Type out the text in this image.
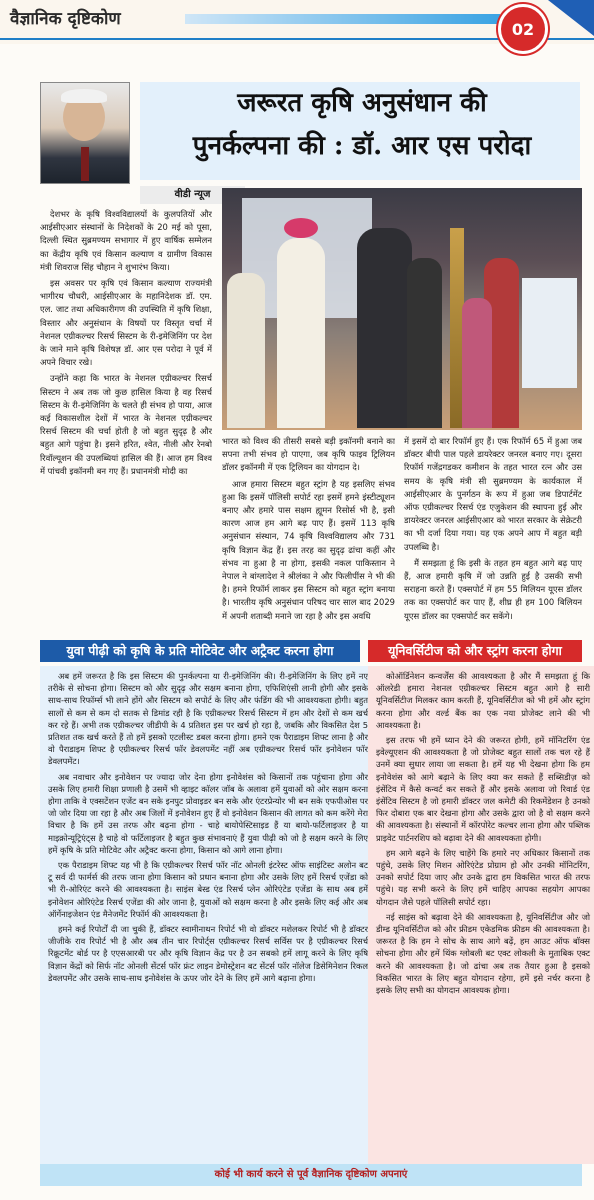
वैज्ञानिक दृष्टिकोण	02
जरूरत कृषि अनुसंधान की
पुनर्कल्पना की : डॉ. आर एस परोदा
वीडी न्यूज

देशभर के कृषि विश्वविद्यालयों के कुलपतियों और आईसीएआर संस्थानों के निदेशकों के 20 मई को पूसा, दिल्ली स्थित सुब्रमण्यम सभागार में हुए वार्षिक सम्मेलन का केंद्रीय कृषि एवं किसान कल्याण व ग्रामीण विकास मंत्री शिवराज सिंह चौहान ने शुभारंभ किया।

इस अवसर पर कृषि एवं किसान कल्याण राज्यमंत्री भागीरथ चौधरी, आईसीएआर के महानिदेशक डॉ. एम. एल. जाट तथा अधिकारीगण की उपस्थिति में कृषि शिक्षा, विस्तार और अनुसंधान के विषयों पर विस्तृत चर्चा में नेशनल एग्रीकल्चर रिसर्च सिस्टम के री-इमेजिनिंग पर देश के जाने माने कृषि विशेषज्ञ डॉ. आर एस परोदा ने पूर्व में अपने विचार रखे।

उन्होंने कहा कि भारत के नेशनल एग्रीकल्चर रिसर्च सिस्टम ने अब तक जो कुछ हासिल किया है वह रिसर्च सिस्टम के री-इमेजिनिंग के चलते ही संभव हो पाया, आज कई विकासशील देशों में भारत के नेशनल एग्रीकल्चर रिसर्च सिस्टम की चर्चा होती है जो बहुत सुदृढ़ है और बहुत आगे पहुंचा है। इसने हरित, श्वेत, नीली और रेनबो रिवॉल्यूशन की उपलब्धियां हासिल की हैं। आज हम विश्व में पांचवी इकॉनमी बन गए हैं। प्रधानमंत्री मोदी का

भारत को विश्व की तीसरी सबसे बड़ी इकॉनमी बनाने का सपना तभी संभव हो पाएगा, जब कृषि फाइव ट्रिलियन डॉलर इकॉनमी में एक ट्रिलियन का योगदान दे।

आज हमारा सिस्टम बहुत स्ट्रांग है यह इसलिए संभव हुआ कि इसमें पॉलिसी सपोर्ट रहा इसमें हमने इंस्टीट्यूशन बनाए और हमारे पास सक्षम ह्यूमन रिसोर्स भी है, इसी कारण आज हम आगे बढ़ पाए हैं। इसमें 113 कृषि अनुसंधान संस्थान, 74 कृषि विश्वविद्यालय और 731 कृषि विज्ञान केंद्र हैं। इस तरह का सुदृढ़ ढांचा कहीं और संभव ना हुआ है ना होगा, इसकी नकल पाकिस्तान ने नेपाल ने बांग्लादेश ने श्रीलंका ने और फिलीपींस ने भी की है। हमने रिफॉर्म लाकर इस सिस्टम को बहुत स्ट्रांग बनाया है। भारतीय कृषि अनुसंधान परिषद चार साल बाद 2029 में अपनी शताब्दी मनाने जा रहा है और इस अवधि

में इसमें दो बार रिफॉर्म हुए हैं। एक रिफॉर्म 65 में हुआ जब डॉक्टर बीपी पाल पहले डायरेक्टर जनरल बनाए गए। दूसरा रिफॉर्म गजेंद्रगडकर कमीशन के तहत भारत रत्न और उस समय के कृषि मंत्री सी सुब्रमण्यम के कार्यकाल में आईसीएआर के पुनर्गठन के रूप में हुआ जब डिपार्टमेंट ऑफ एग्रीकल्चर रिसर्च एंड एजुकेशन की स्थापना हुई और डायरेक्टर जनरल आईसीएआर को भारत सरकार के सेक्रेटरी का भी दर्जा दिया गया। यह एक अपने आप में बहुत बड़ी उपलब्धि है।

मैं समझता हूं कि इसी के तहत हम बहुत आगे बढ़ पाए हैं, आज हमारी कृषि में जो उन्नति हुई है उसकी सभी सराहना करते हैं। एक्सपोर्ट में हम 55 मिलियन यूएस डॉलर तक का एक्सपोर्ट कर पाए हैं, शीघ्र ही हम 100 बिलियन यूएस डॉलर का एक्सपोर्ट कर सकेंगे।

युवा पीढ़ी को कृषि के प्रति मोटिवेट और अट्रैक्ट करना होगा

अब हमें जरूरत है कि इस सिस्टम की पुनर्कल्पना या री-इमेजिनिंग की। री-इमेजिनिंग के लिए हमें नए तरीके से सोचना होगा। सिस्टम को और सुदृढ़ और सक्षम बनाना होगा, एफिशिएंसी लानी होगी और इसके साथ-साथ रिफॉर्म्स भी लाने होंगे और सिस्टम को सपोर्ट के लिए और फंडिंग की भी आवश्यकता होगी। बहुत सालों से कम से कम दो सतक से डिमांड रही है कि एग्रीकल्चर रिसर्च सिस्टम में हम और देशों से कम खर्च कर रहे हैं। अभी तक एग्रीकल्चर जीडीपी के 4 प्रतिशत इस पर खर्च हो रहा है, जबकि और विकसित देश 5 प्रतिशत तक खर्च करते हैं तो हमें इसको एटलीस्ट डबल करना होगा। हमने एक पैराडाइम शिफ्ट लाना है और वो पैराडाइम शिफ्ट है एग्रीकल्चर रिसर्च फॉर डेवलपमेंट नहीं अब एग्रीकल्चर रिसर्च फॉर इनोवेशन फॉर डेवलपमेंट।

अब नवाचार और इनोवेशन पर ज्यादा जोर देना होगा इनोवेशंस को किसानों तक पहुंचाना होगा और उसके लिए हमारी शिक्षा प्रणाली है उसमें भी व्हाइट कॉलर जॉब के अलावा हमें युवाओं को ओर सक्षम करना होगा ताकि वे एक्सटेंशन एजेंट बन सके इनपुट प्रोवाइडर बन सके और एंटरप्रेन्योर भी बन सके एफपीओस पर जो जोर दिया जा रहा है और अब जिलों में इनोवेशन हुए हैं वो इनोवेशन किसान की लागत को कम करेंगे मेरा विचार है कि हमें उस तरफ और बढ़ना होगा - चाहे बायोपेस्टिसाइड हैं या बायो-फर्टिलाइजर है या माइक्रोन्यूट्रिएंट्स है चाहे वो फर्टिलाइजर है बहुत कुछ संभावनाएं हैं युवा पीढ़ी को जो है सक्षम करने के लिए हमें कृषि के प्रति मोटिवेट और अट्रैक्ट करना होगा, किसान को आगे लाना होगा।

एक पैराडाइम शिफ्ट यह भी है कि एग्रीकल्चर रिसर्च फॉर नॉट ओनली इंटरेस्ट ऑफ साइंटिस्ट अलोन बट टू सर्व दी फार्मर्स की तरफ जाना होगा किसान को प्रधान बनाना होगा और उसके लिए हमें रिसर्च एजेंडा को भी री-ओरिएंट करने की आवश्यकता है। साइंस बेस्ड एंड रिसर्च प्लेन ओरिएंटेड एजेंडा के साथ अब हमें इनोवेशन ओरिएंटेड रिसर्च एजेंडा की ओर जाना है, युवाओं को सक्षम करना है और इसके लिए कई और अब ऑर्गेनाइजेशन एंड मैनेजमेंट रिफॉर्म की आवश्यकता है।

हमने कई रिपोर्टों दी जा चुकी हैं, डॉक्टर स्वामीनाथन रिपोर्ट भी वो डॉक्टर मशेलकर रिपोर्ट भी है डॉक्टर जीजीके राव रिपोर्ट भी है और अब तीन चार रिपोर्ट्स एग्रीकल्चर रिसर्च सर्विस पर है एग्रीकल्चर रिसर्च रिक्रूटमेंट बोर्ड पर है एएसआरबी पर और कृषि विज्ञान केंद्र पर है उन सबको हमें लागू करने के लिए कृषि विज्ञान केंद्रों को सिर्फ नॉट ओनली सेंटर्स फॉर फ्रंट लाइन डेमोस्ट्रेशन बट सेंटर्स फॉर नॉलेज डिसेमिनेशन रिकल डेवलपमेंट और उसके साथ-साथ इनोवेशंस के ऊपर जोर देने के लिए हमें आगे बढ़ाना होगा।

यूनिवर्सिटीज को और स्ट्रांग करना होगा

कोऑर्डिनेशन कन्वर्जेंस की आवश्यकता है और मैं समझता हूं कि ऑलरेडी हमारा नेशनल एग्रीकल्चर सिस्टम बहुत आगे है सारी यूनिवर्सिटीज मिलकर काम करती हैं, यूनिवर्सिटीज को भी हमें और स्ट्रांग करना होगा और वर्ल्ड बैंक का एक नया प्रोजेक्ट लाने की भी आवश्यकता है।

इस तरफ भी हमें ध्यान देने की जरूरत होगी, हमें मॉनिटरिंग एंड इवेल्यूएशन की आवश्यकता है जो प्रोजेक्ट बहुत सालों तक चल रहे हैं उनमें क्या सुधार लाया जा सकता है। हमें यह भी देखना होगा कि हम इनोवेशंस को आगे बढ़ाने के लिए क्या कर सकते हैं सब्सिडीज़ को इंसेंटिव में कैसे कन्वर्ट कर सकते हैं और इसके अलावा जो रिवार्ड एंड इंसेंटिव सिस्टम है जो हमारी डॉक्टर जल कमेटी की रिकमेंडेशन है उनको फिर दोबारा एक बार देखना होगा और उसके द्वारा जो है वो सक्षम करने की आवश्यकता है। संस्थानों में कॉरपोरेट कल्चर लाना होगा और पब्लिक प्राइवेट पार्टनरशिप को बढ़ावा देने की आवश्यकता होगी।

हम आगे बढ़ने के लिए चाहेंगे कि हमारे नए अधिकार किसानों तक पहुंचे, उसके लिए मिशन ओरिएंटेड प्रोग्राम हो और उनकी मॉनिटरिंग, उनको सपोर्ट दिया जाए और उनके द्वारा हम विकसित भारत की तरफ पहुंचे। यह सभी करने के लिए हमें चाहिए आपका सहयोग आपका योगदान जैसे पहले पॉलिसी सपोर्ट रहा।

नई साइंस को बढ़ावा देने की आवश्यकता है, यूनिवर्सिटीज और जो डीम्ड यूनिवर्सिटीज को और फ्रीडम एकेडमिक फ्रीडम की आवश्यकता है। जरूरत है कि हम ने सोच के साथ आगे बढ़ें, हम आउट ऑफ बॉक्स सोचना होगा और हमें थिंक ग्लोबली बट एक्ट लोकली के मुताबिक एक्ट करने की आवश्यकता है। जो ढांचा अब तक तैयार हुआ है इसको विकसित भारत के लिए बहुत योगदान रहेगा, हमें इसे नर्चर करना है इसके लिए सभी का योगदान आवश्यक होगा।

कोई भी कार्य करने से पूर्व वैज्ञानिक दृष्टिकोण अपनाएं
